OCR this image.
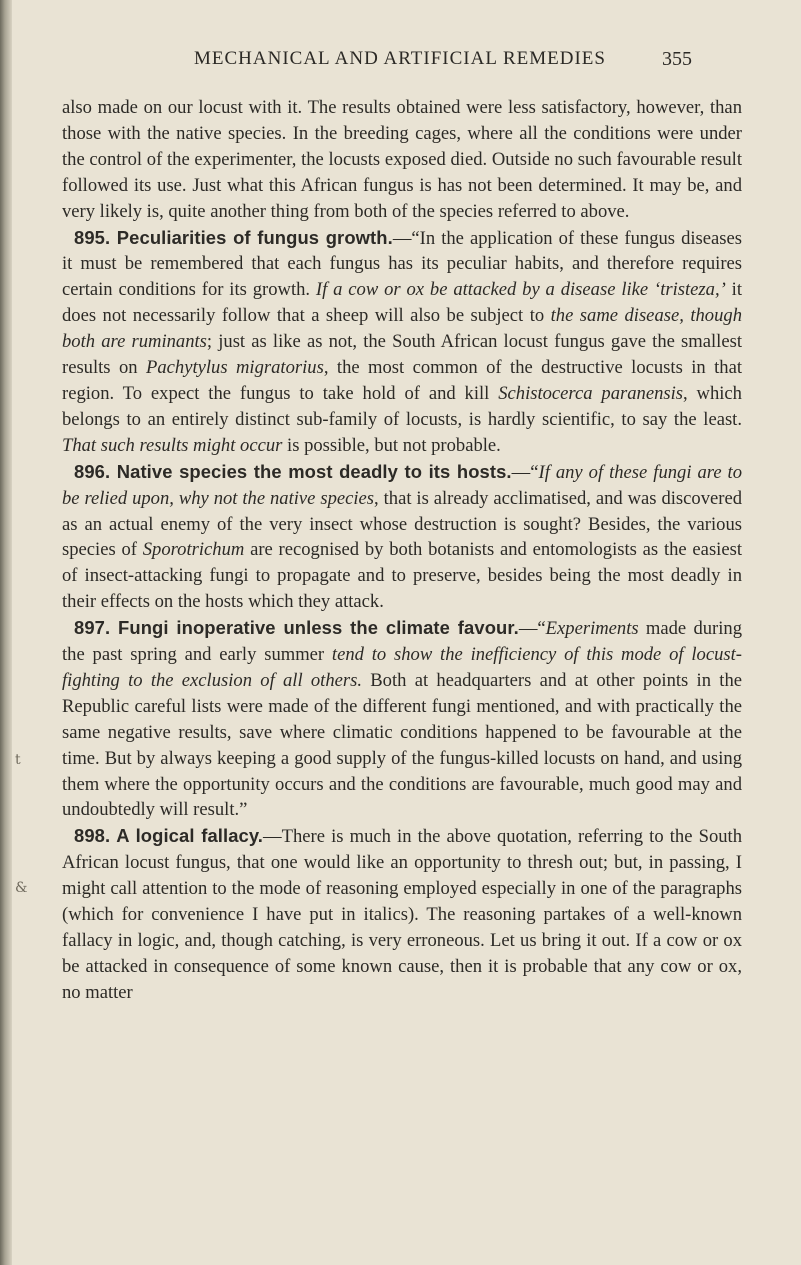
t
&
MECHANICAL AND ARTIFICIAL REMEDIES	355

also made on our locust with it. The results obtained were less satisfactory, however, than those with the native species. In the breeding cages, where all the conditions were under the control of the experimenter, the locusts exposed died. Outside no such favourable result followed its use. Just what this African fungus is has not been determined. It may be, and very likely is, quite another thing from both of the species referred to above.

895. Peculiarities of fungus growth.—“In the application of these fungus diseases it must be remembered that each fungus has its peculiar habits, and therefore requires certain conditions for its growth. If a cow or ox be attacked by a disease like ‘tristeza,’ it does not necessarily follow that a sheep will also be subject to the same disease, though both are ruminants; just as like as not, the South African locust fungus gave the smallest results on Pachytylus migratorius, the most common of the destructive locusts in that region. To expect the fungus to take hold of and kill Schistocerca paranensis, which belongs to an entirely distinct sub-family of locusts, is hardly scientific, to say the least. That such results might occur is possible, but not probable.

896. Native species the most deadly to its hosts.—“If any of these fungi are to be relied upon, why not the native species, that is already acclimatised, and was discovered as an actual enemy of the very insect whose destruction is sought? Besides, the various species of Sporotrichum are recognised by both botanists and entomologists as the easiest of insect-attacking fungi to propagate and to preserve, besides being the most deadly in their effects on the hosts which they attack.

897. Fungi inoperative unless the climate favour.—“Experiments made during the past spring and early summer tend to show the inefficiency of this mode of locust-fighting to the exclusion of all others. Both at headquarters and at other points in the Republic careful lists were made of the different fungi mentioned, and with practically the same negative results, save where climatic conditions happened to be favourable at the time. But by always keeping a good supply of the fungus-killed locusts on hand, and using them where the opportunity occurs and the conditions are favourable, much good may and undoubtedly will result.”

898. A logical fallacy.—There is much in the above quotation, referring to the South African locust fungus, that one would like an opportunity to thresh out; but, in passing, I might call attention to the mode of reasoning employed especially in one of the paragraphs (which for convenience I have put in italics). The reasoning partakes of a well-known fallacy in logic, and, though catching, is very erroneous. Let us bring it out. If a cow or ox be attacked in consequence of some known cause, then it is probable that any cow or ox, no matter
